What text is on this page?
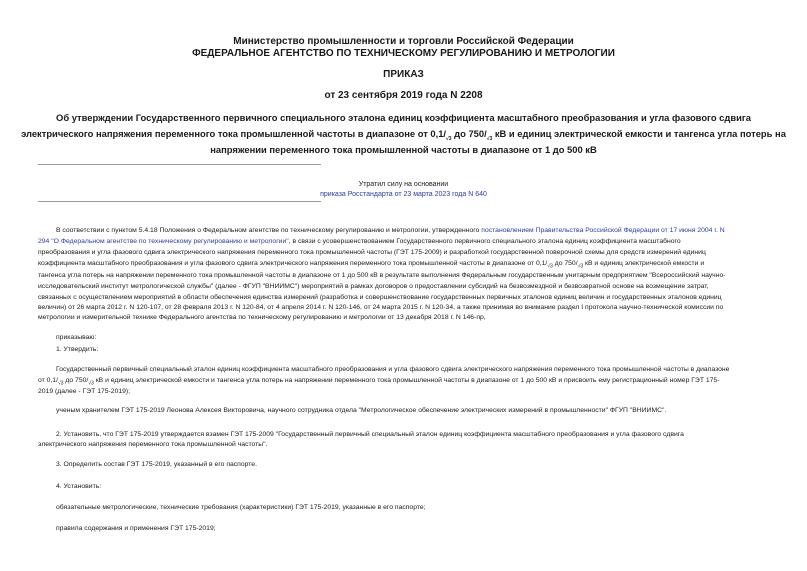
Министерство промышленности и торговли Российской Федерации
ФЕДЕРАЛЬНОЕ АГЕНТСТВО ПО ТЕХНИЧЕСКОМУ РЕГУЛИРОВАНИЮ И МЕТРОЛОГИИ
ПРИКАЗ
от 23 сентября 2019 года N 2208
Об утверждении Государственного первичного специального эталона единиц коэффициента масштабного преобразования и угла фазового сдвига
электрического напряжения переменного тока промышленной частоты в диапазоне от $0,1/_{√3}$ до $750/_{√3}$ кВ и единиц электрической емкости и тангенса угла потерь на
напряжении переменного тока промышленной частоты в диапазоне от 1 до 500 кВ
Утратил силу на основании
приказа Росстандарта от 23 марта 2023 года N 640
В соответствии с пунктом 5.4.18 Положения о Федеральном агентстве по техническому регулированию и метрологии, утвержденного постановлением Правительства Российской Федерации от 17 июня 2004 г. N
294 "О Федеральном агентстве по техническому регулированию и метрологии", в связи с усовершенствованием Государственного первичного специального эталона единиц коэффициента масштабного
преобразования и угла фазового сдвига электрического напряжения переменного тока промышленной частоты (ГЭТ 175-2009) и разработкой государственной поверочной схемы для средств измерений единиц
коэффициента масштабного преобразования и угла фазового сдвига электрического напряжения переменного тока промышленной частоты в диапазоне от $0,1/_{√3}$ до $750/_{√3}$ кВ и единиц электрической емкости и
тангенса угла потерь на напряжении переменного тока промышленной частоты в диапазоне от 1 до 500 кВ в результате выполнения Федеральным государственным унитарным предприятием "Всероссийский научно-
исследовательский институт метрологической службы" (далее - ФГУП "ВНИИМС") мероприятий в рамках договоров о предоставлении субсидий на безвозмездной и безвозвратной основе на возмещение затрат,
связанных с осуществлением мероприятий в области обеспечения единства измерений (разработка и совершенствование государственных первичных эталонов единиц величин и государственных эталонов единиц
величин) от 26 марта 2012 г. N 120-107, от 28 февраля 2013 г. N 120-84, от 4 апреля 2014 г. N 120-146, от 24 марта 2015 г. N 120-34, а также принимая во внимание раздел I протокола научно-технической комиссии по
метрологии и измерительной технике Федерального агентства по техническому регулированию и метрологии от 13 декабря 2018 г. N 146-пр,
приказываю:
1. Утвердить:
Государственный первичный специальный эталон единиц коэффициента масштабного преобразования и угла фазового сдвига электрического напряжения переменного тока промышленной частоты в диапазоне
от $0,1/_{√3}$ до $750/_{√3}$ кВ и единиц электрической емкости и тангенса угла потерь на напряжении переменного тока промышленной частоты в диапазоне от 1 до 500 кВ и присвоить ему регистрационный номер ГЭТ 175-
2019 (далее - ГЭТ 175-2019);
ученым хранителем ГЭТ 175-2019 Леонова Алексея Викторовича, научного сотрудника отдела "Метрологическое обеспечение электрических измерений в промышленности" ФГУП "ВНИИМС".
2. Установить, что ГЭТ 175-2019 утверждается взамен ГЭТ 175-2009 "Государственный первичный специальный эталон единиц коэффициента масштабного преобразования и угла фазового сдвига
электрического напряжения переменного тока промышленной частоты".
3. Определить состав ГЭТ 175-2019, указанный в его паспорте.
4. Установить:
обязательные метрологические, технические требования (характеристики) ГЭТ 175-2019, указанные в его паспорте;
правила содержания и применения ГЭТ 175-2019;
